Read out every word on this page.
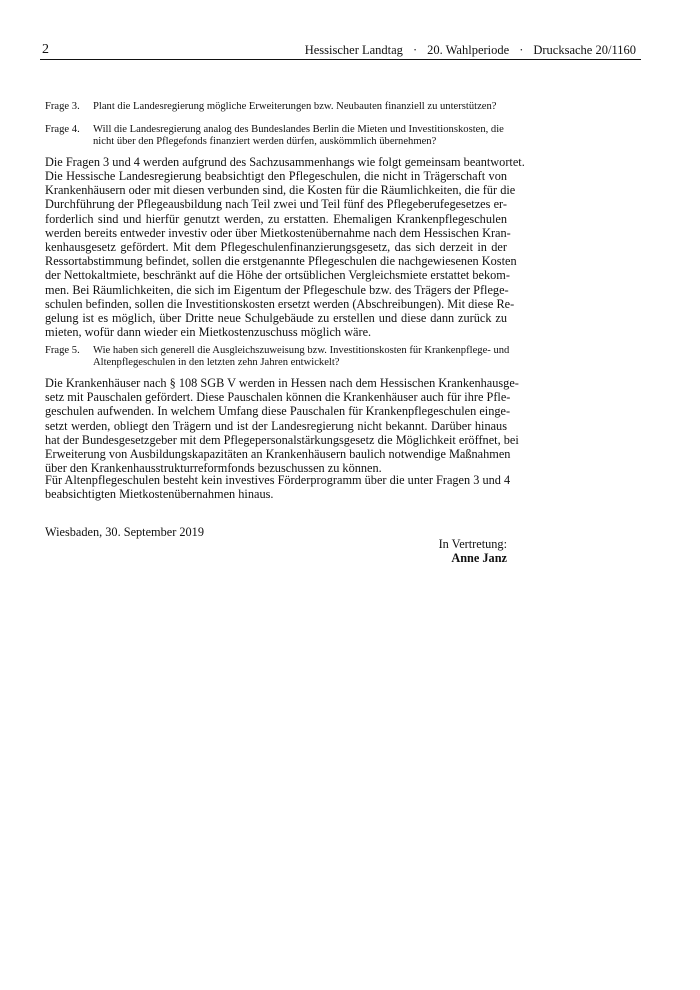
2	Hessischer Landtag · 20. Wahlperiode · Drucksache 20/1160
Frage 3.	Plant die Landesregierung mögliche Erweiterungen bzw. Neubauten finanziell zu unterstützen?
Frage 4.	Will die Landesregierung analog des Bundeslandes Berlin die Mieten und Investitionskosten, die
nicht über den Pflegefonds finanziert werden dürfen, auskömmlich übernehmen?
Die Fragen 3 und 4 werden aufgrund des Sachzusammenhangs wie folgt gemeinsam beantwortet.
Die Hessische Landesregierung beabsichtigt den Pflegeschulen, die nicht in Trägerschaft von
Krankenhäusern oder mit diesen verbunden sind, die Kosten für die Räumlichkeiten, die für die
Durchführung der Pflegeausbildung nach Teil zwei und Teil fünf des Pflegeberufegesetzes er-
forderlich sind und hierfür genutzt werden, zu erstatten. Ehemaligen Krankenpflegeschulen
werden bereits entweder investiv oder über Mietkostenübernahme nach dem Hessischen Kran-
kenhausgesetz gefördert. Mit dem Pflegeschulenfinanzierungsgesetz, das sich derzeit in der
Ressortabstimmung befindet, sollen die erstgenannte Pflegeschulen die nachgewiesenen Kosten
der Nettokaltmiete, beschränkt auf die Höhe der ortsüblichen Vergleichsmiete erstattet bekom-
men. Bei Räumlichkeiten, die sich im Eigentum der Pflegeschule bzw. des Trägers der Pflege-
schulen befinden, sollen die Investitionskosten ersetzt werden (Abschreibungen). Mit diese Re-
gelung ist es möglich, über Dritte neue Schulgebäude zu erstellen und diese dann zurück zu
mieten, wofür dann wieder ein Mietkostenzuschuss möglich wäre.
Frage 5.	Wie haben sich generell die Ausgleichszuweisung bzw. Investitionskosten für Krankenpflege- und
Altenpflegeschulen in den letzten zehn Jahren entwickelt?
Die Krankenhäuser nach § 108 SGB V werden in Hessen nach dem Hessischen Krankenhausge-
setz mit Pauschalen gefördert. Diese Pauschalen können die Krankenhäuser auch für ihre Pfle-
geschulen aufwenden. In welchem Umfang diese Pauschalen für Krankenpflegeschulen einge-
setzt werden, obliegt den Trägern und ist der Landesregierung nicht bekannt. Darüber hinaus
hat der Bundesgesetzgeber mit dem Pflegepersonalstärkungsgesetz die Möglichkeit eröffnet, bei
Erweiterung von Ausbildungskapazitäten an Krankenhäusern baulich notwendige Maßnahmen
über den Krankenhausstrukturreformfonds bezuschussen zu können.
Für Altenpflegeschulen besteht kein investives Förderprogramm über die unter Fragen 3 und 4
beabsichtigten Mietkostenübernahmen hinaus.
Wiesbaden, 30. September 2019
In Vertretung:
Anne Janz
